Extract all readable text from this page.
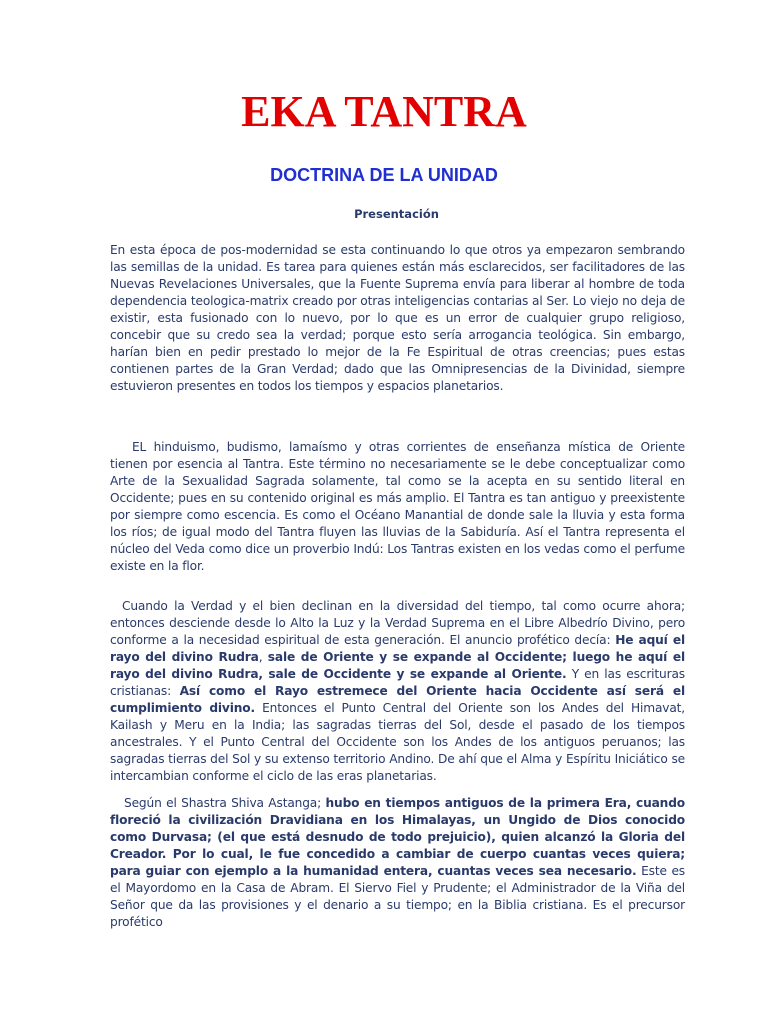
EKA TANTRA
DOCTRINA DE LA UNIDAD
Presentación

En esta época de pos-modernidad se esta continuando lo que otros ya empezaron sembrando las semillas de la unidad. Es tarea para quienes están más esclarecidos, ser facilitadores de las Nuevas Revelaciones Universales, que la Fuente Suprema envía para liberar al hombre de toda dependencia teologica-matrix creado por otras inteligencias contarias al Ser. Lo viejo no deja de existir, esta fusionado con lo nuevo, por lo que es un error de cualquier grupo religioso, concebir que su credo sea la verdad; porque esto sería arrogancia teológica. Sin embargo, harían bien en pedir prestado lo mejor de la Fe Espiritual de otras creencias; pues estas contienen partes de la Gran Verdad; dado que las Omnipresencias de la Divinidad, siempre estuvieron presentes en todos los tiempos y espacios planetarios.

EL hinduismo, budismo, lamaísmo y otras corrientes de enseñanza mística de Oriente tienen por esencia al Tantra. Este término no necesariamente se le debe conceptualizar como Arte de la Sexualidad Sagrada solamente, tal como se la acepta en su sentido literal en Occidente; pues en su contenido original es más amplio. El Tantra es tan antiguo y preexistente por siempre como escencia. Es como el Océano Manantial de donde sale la lluvia y esta forma los ríos; de igual modo del Tantra fluyen las lluvias de la Sabiduría. Así el Tantra representa el núcleo del Veda como dice un proverbio Indú: Los Tantras existen en los vedas como el perfume existe en la flor.

Cuando la Verdad y el bien declinan en la diversidad del tiempo, tal como ocurre ahora; entonces desciende desde lo Alto la Luz y la Verdad Suprema en el Libre Albedrío Divino, pero conforme a la necesidad espiritual de esta generación. El anuncio profético decía: He aquí el rayo del divino Rudra, sale de Oriente y se expande al Occidente; luego he aquí el rayo del divino Rudra, sale de Occidente y se expande al Oriente. Y en las escrituras cristianas: Así como el Rayo estremece del Oriente hacia Occidente así será el cumplimiento divino. Entonces el Punto Central del Oriente son los Andes del Himavat, Kailash y Meru en la India; las sagradas tierras del Sol, desde el pasado de los tiempos ancestrales. Y el Punto Central del Occidente son los Andes de los antiguos peruanos; las sagradas tierras del Sol y su extenso territorio Andino. De ahí que el Alma y Espíritu Iniciático se intercambian conforme el ciclo de las eras planetarias.

Según el Shastra Shiva Astanga; hubo en tiempos antiguos de la primera Era, cuando floreció la civilización Dravidiana en los Himalayas, un Ungido de Dios conocido como Durvasa; (el que está desnudo de todo prejuicio), quien alcanzó la Gloria del Creador. Por lo cual, le fue concedido a cambiar de cuerpo cuantas veces quiera; para guiar con ejemplo a la humanidad entera, cuantas veces sea necesario. Este es el Mayordomo en la Casa de Abram. El Siervo Fiel y Prudente; el Administrador de la Viña del Señor que da las provisiones y el denario a su tiempo; en la Biblia cristiana. Es el precursor profético
